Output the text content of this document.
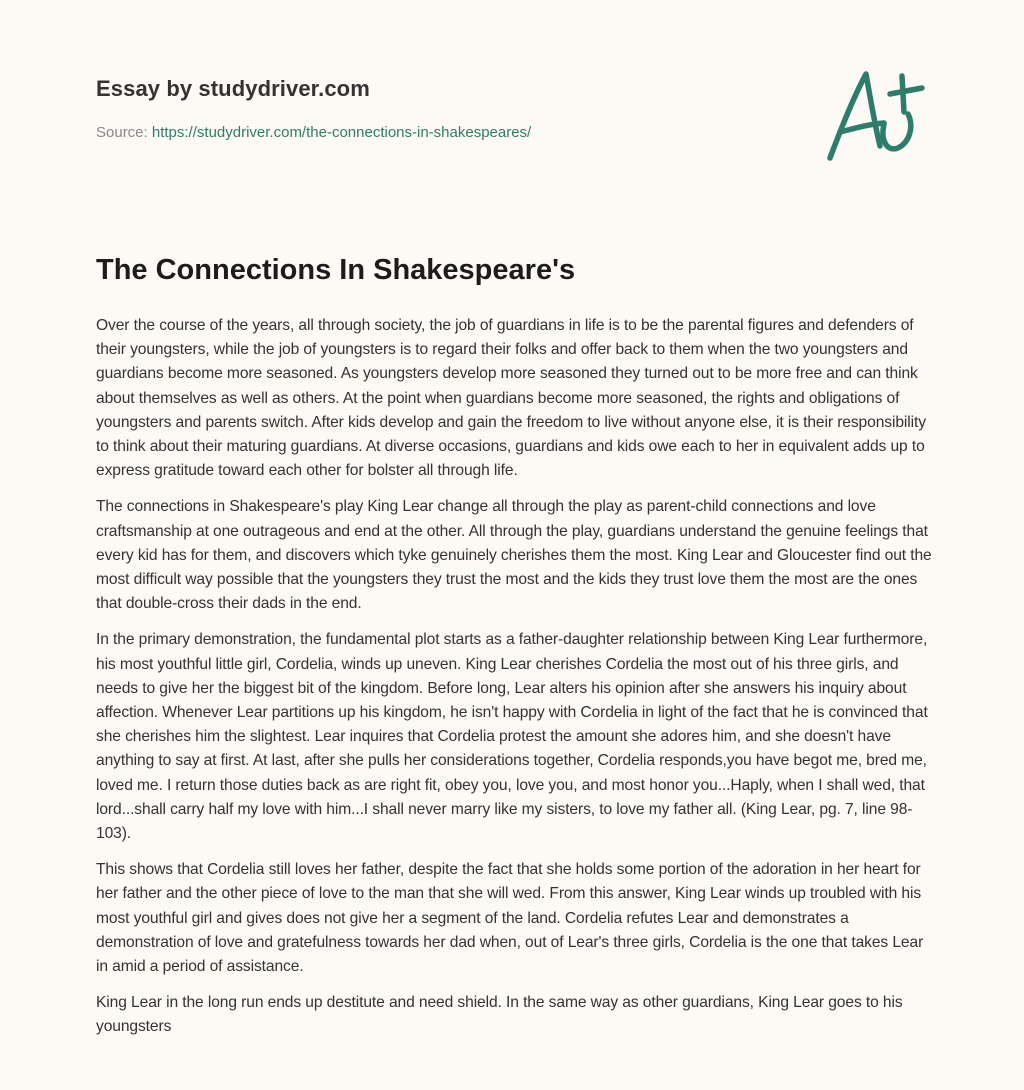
Essay by studydriver.com
Source: https://studydriver.com/the-connections-in-shakespeares/
The Connections In Shakespeare's

Over the course of the years, all through society, the job of guardians in life is to be the parental figures and defenders of their youngsters, while the job of youngsters is to regard their folks and offer back to them when the two youngsters and guardians become more seasoned. As youngsters develop more seasoned they turned out to be more free and can think about themselves as well as others. At the point when guardians become more seasoned, the rights and obligations of youngsters and parents switch. After kids develop and gain the freedom to live without anyone else, it is their responsibility to think about their maturing guardians. At diverse occasions, guardians and kids owe each to her in equivalent adds up to express gratitude toward each other for bolster all through life.

The connections in Shakespeare's play King Lear change all through the play as parent-child connections and love craftsmanship at one outrageous and end at the other. All through the play, guardians understand the genuine feelings that every kid has for them, and discovers which tyke genuinely cherishes them the most. King Lear and Gloucester find out the most difficult way possible that the youngsters they trust the most and the kids they trust love them the most are the ones that double-cross their dads in the end.

In the primary demonstration, the fundamental plot starts as a father-daughter relationship between King Lear furthermore, his most youthful little girl, Cordelia, winds up uneven. King Lear cherishes Cordelia the most out of his three girls, and needs to give her the biggest bit of the kingdom. Before long, Lear alters his opinion after she answers his inquiry about affection. Whenever Lear partitions up his kingdom, he isn't happy with Cordelia in light of the fact that he is convinced that she cherishes him the slightest. Lear inquires that Cordelia protest the amount she adores him, and she doesn't have anything to say at first. At last, after she pulls her considerations together, Cordelia responds,you have begot me, bred me, loved me. I return those duties back as are right fit, obey you, love you, and most honor you...Haply, when I shall wed, that lord...shall carry half my love with him...I shall never marry like my sisters, to love my father all. (King Lear, pg. 7, line 98-103).

This shows that Cordelia still loves her father, despite the fact that she holds some portion of the adoration in her heart for her father and the other piece of love to the man that she will wed. From this answer, King Lear winds up troubled with his most youthful girl and gives does not give her a segment of the land. Cordelia refutes Lear and demonstrates a demonstration of love and gratefulness towards her dad when, out of Lear's three girls, Cordelia is the one that takes Lear in amid a period of assistance.

King Lear in the long run ends up destitute and need shield. In the same way as other guardians, King Lear goes to his youngsters
